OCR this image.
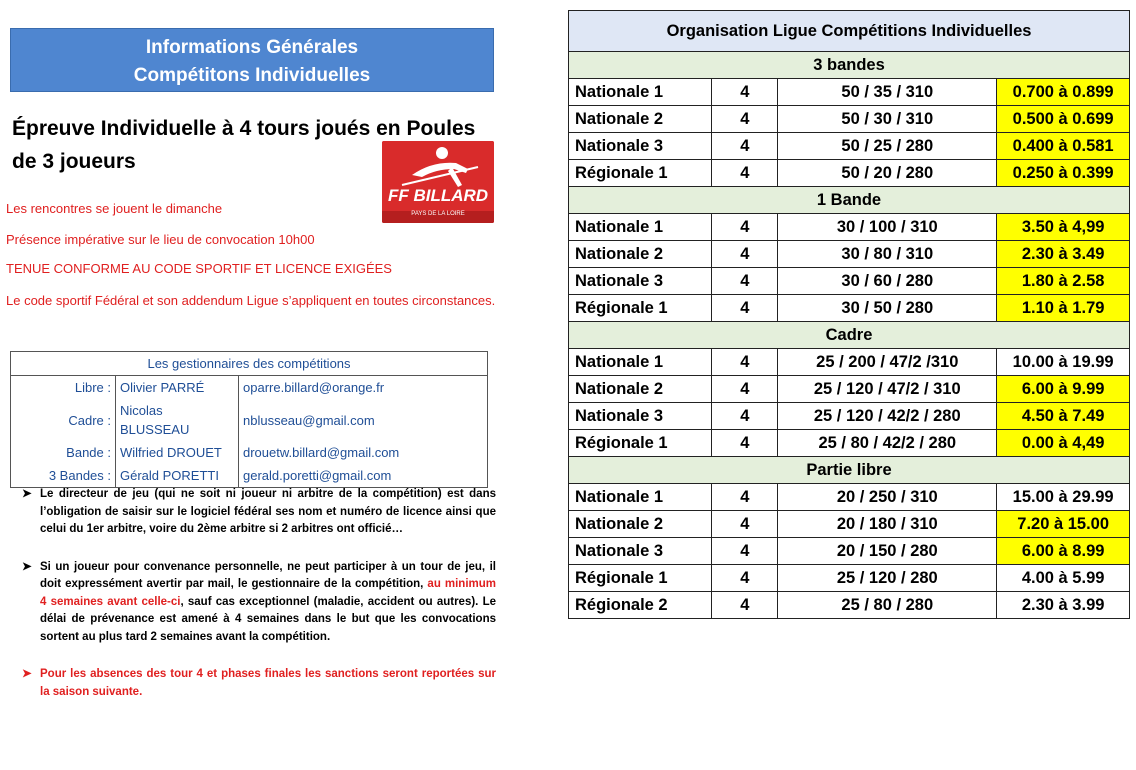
Informations Générales
Compétitons Individuelles

Épreuve Individuelle à 4 tours joués en Poules de 3 joueurs

FF BILLARD
PAYS DE LA LOIRE

Les rencontres se jouent le dimanche

Présence impérative sur le lieu de convocation 10h00

TENUE CONFORME AU CODE SPORTIF ET LICENCE EXIGÉES

Le code sportif Fédéral et son addendum Ligue s’appliquent en toutes circonstances.

Les gestionnaires des compétitions		
Libre :	Olivier PARRÉ	oparre.billard@orange.fr
Cadre :	Nicolas BLUSSEAU	nblusseau@gmail.com
Bande :	Wilfried DROUET	drouetw.billard@gmail.com
3 Bandes :	Gérald PORETTI	gerald.poretti@gmail.com
➤ Le directeur de jeu (qui ne soit ni joueur ni arbitre de la compétition) est dans l’obligation de saisir sur le logiciel fédéral ses nom et numéro de licence ainsi que celui du 1er arbitre, voire du 2ème arbitre si 2 arbitres ont officié…
➤ Si un joueur pour convenance personnelle, ne peut participer à un tour de jeu, il doit expressément avertir par mail, le gestionnaire de la compétition, au minimum 4 semaines avant celle-ci, sauf cas exceptionnel (maladie, accident ou autres). Le délai de prévenance est amené à 4 semaines dans le but que les convocations sortent au plus tard 2 semaines avant la compétition.
➤ Pour les absences des tour 4 et phases finales les sanctions seront reportées sur la saison suivante.
Organisation Ligue Compétitions Individuelles			
3 bandes			
Nationale 1	4	50 / 35 / 310	0.700 à 0.899
Nationale 2	4	50 / 30 / 310	0.500 à 0.699
Nationale 3	4	50 / 25 / 280	0.400 à 0.581
Régionale 1	4	50 / 20 / 280	0.250 à 0.399
1 Bande			
Nationale 1	4	30 / 100 / 310	3.50 à 4,99
Nationale 2	4	30 / 80 / 310	2.30 à 3.49
Nationale 3	4	30 / 60 / 280	1.80 à 2.58
Régionale 1	4	30 / 50 / 280	1.10 à 1.79
Cadre			
Nationale 1	4	25 / 200 / 47/2 /310	10.00 à 19.99
Nationale 2	4	25 / 120 / 47/2 / 310	6.00 à 9.99
Nationale 3	4	25 / 120 / 42/2 / 280	4.50 à 7.49
Régionale 1	4	25 / 80 / 42/2 / 280	0.00 à 4,49
Partie libre			
Nationale 1	4	20 / 250 / 310	15.00 à 29.99
Nationale 2	4	20 / 180 / 310	7.20 à 15.00
Nationale 3	4	20 / 150 / 280	6.00 à 8.99
Régionale 1	4	25 / 120 / 280	4.00 à 5.99
Régionale 2	4	25 / 80 / 280	2.30 à 3.99
